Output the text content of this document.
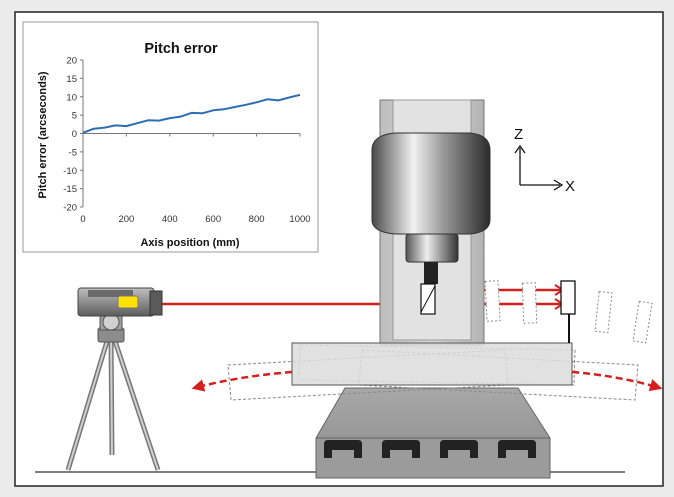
Pitch error
Axis position (mm)
Pitch error (arcseconds)
-20
-15
-10
-5
0
5
10
15
20
0	200	400	600	800	1000
Z
X
